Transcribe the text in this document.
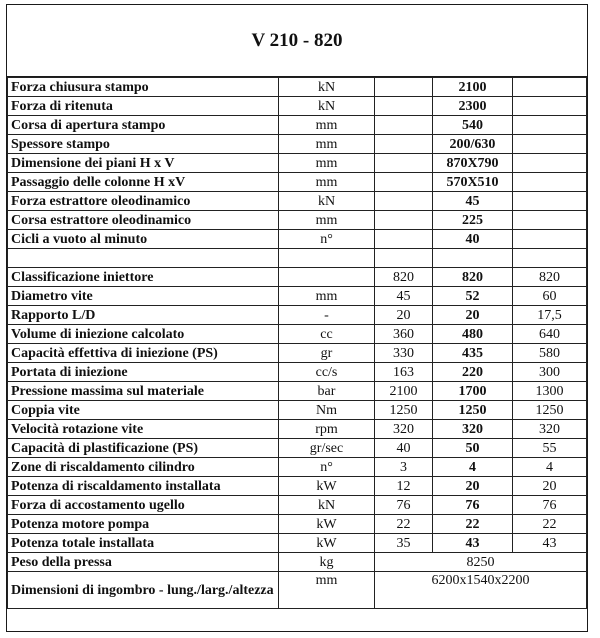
V 210 - 820
Forza chiusura stampo	kN		2100	
Forza di ritenuta	kN		2300	
Corsa di apertura stampo	mm		540	
Spessore stampo	mm		200/630	
Dimensione dei piani H x V	mm		870X790	
Passaggio delle colonne H xV	mm		570X510	
Forza estrattore oleodinamico	kN		45	
Corsa estrattore oleodinamico	mm		225	
Cicli a vuoto al minuto	n°		40	

Classificazione iniettore		820	820	820
Diametro vite	mm	45	52	60
Rapporto L/D	-	20	20	17,5
Volume di iniezione calcolato	cc	360	480	640
Capacità effettiva di iniezione (PS)	gr	330	435	580
Portata di iniezione	cc/s	163	220	300
Pressione massima sul materiale	bar	2100	1700	1300
Coppia vite	Nm	1250	1250	1250
Velocità rotazione vite	rpm	320	320	320
Capacità di plastificazione (PS)	gr/sec	40	50	55
Zone di riscaldamento cilindro	n°	3	4	4
Potenza di riscaldamento installata	kW	12	20	20
Forza di accostamento ugello	kN	76	76	76
Potenza motore pompa	kW	22	22	22
Potenza totale installata	kW	35	43	43
Peso della pressa	kg	8250		
Dimensioni di ingombro - lung./larg./altezza	mm	6200x1540x2200		
